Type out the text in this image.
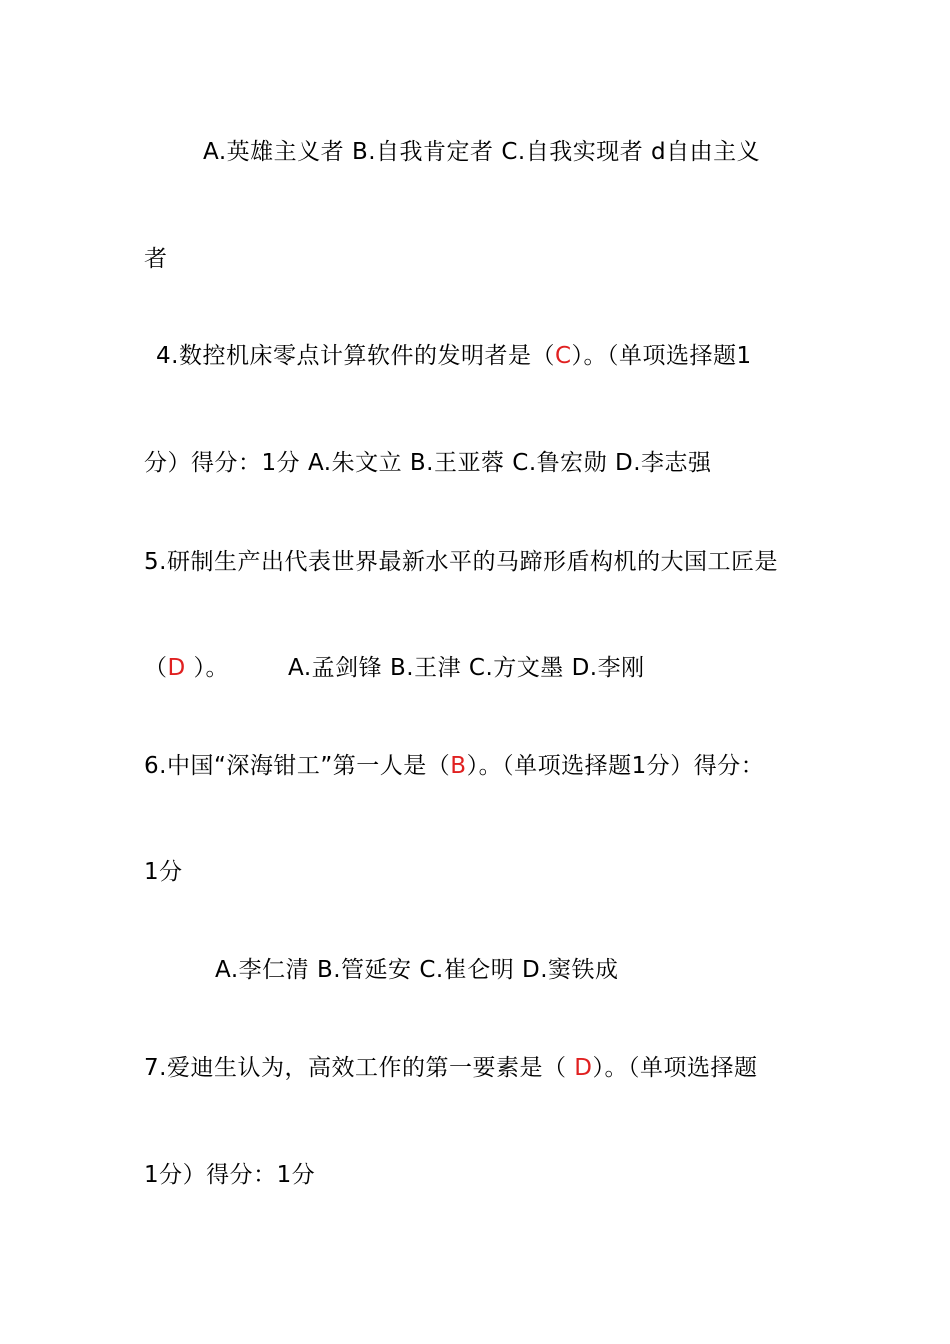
A.英雄主义者 B.自我肯定者 C.自我实现者 d自由主义
者
4.数控机床零点计算软件的发明者是（C）。（单项选择题1
分）得分：1分 A.朱文立 B.王亚蓉 C.鲁宏勋 D.李志强
5.研制生产出代表世界最新水平的马蹄形盾构机的大国工匠是
（D ）。　　　A.孟剑锋 B.王津 C.方文墨 D.李刚
6.中国“深海钳工”第一人是（B）。（单项选择题1分）得分：
1分
A.李仁清 B.管延安 C.崔仑明 D.窦铁成
7.爱迪生认为，高效工作的第一要素是（ D）。（单项选择题
1分）得分：1分
